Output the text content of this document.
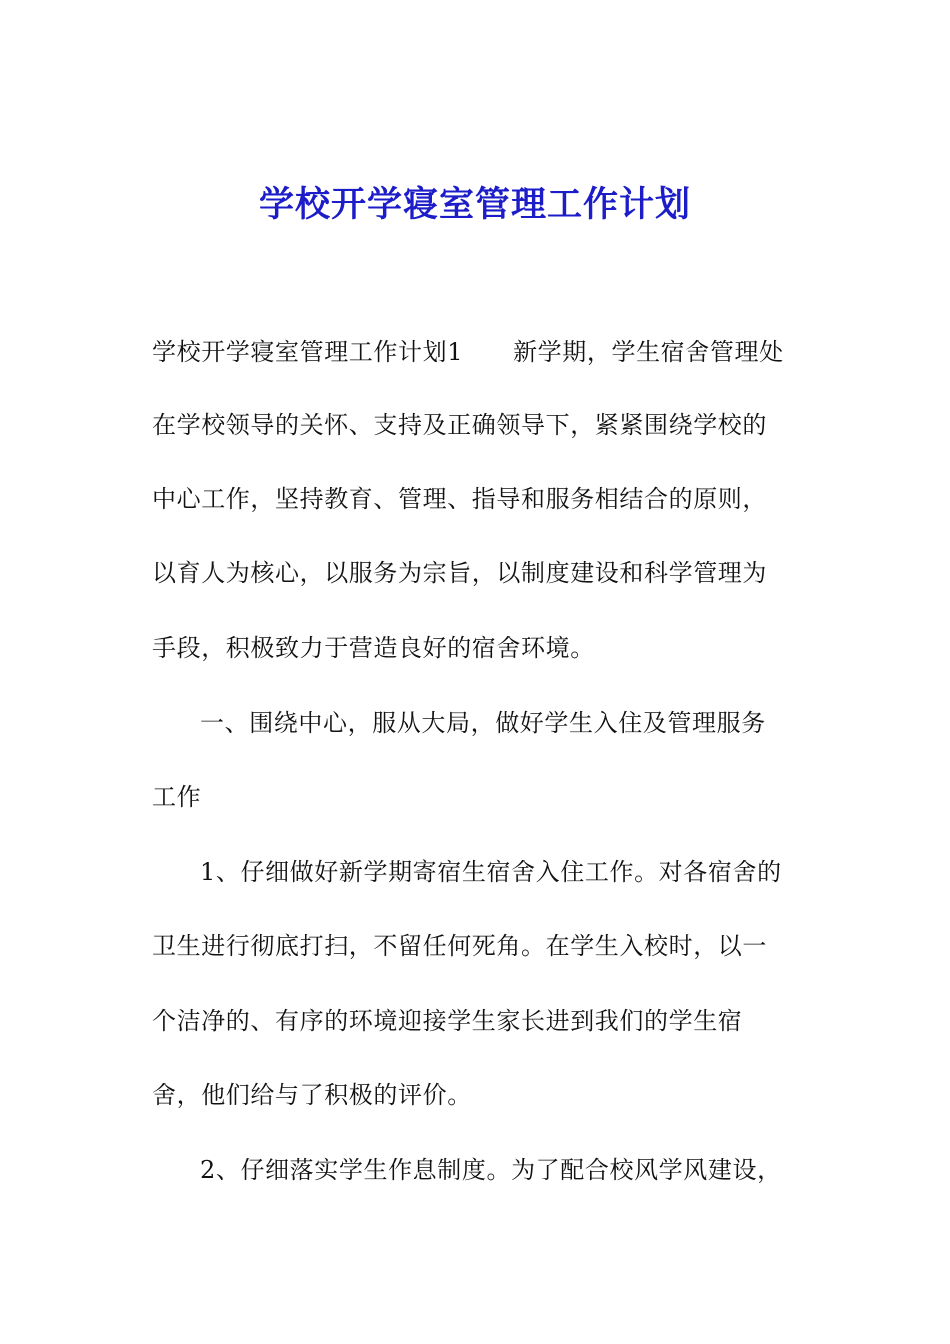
学校开学寝室管理工作计划
学校开学寝室管理工作计划1 新学期，学生宿舍管理处
在学校领导的关怀、支持及正确领导下，紧紧围绕学校的
中心工作，坚持教育、管理、指导和服务相结合的原则，
以育人为核心，以服务为宗旨，以制度建设和科学管理为
手段，积极致力于营造良好的宿舍环境。
一、围绕中心，服从大局，做好学生入住及管理服务
工作
1、仔细做好新学期寄宿生宿舍入住工作。对各宿舍的
卫生进行彻底打扫，不留任何死角。在学生入校时，以一
个洁净的、有序的环境迎接学生家长进到我们的学生宿
舍，他们给与了积极的评价。
2、仔细落实学生作息制度。为了配合校风学风建设，
